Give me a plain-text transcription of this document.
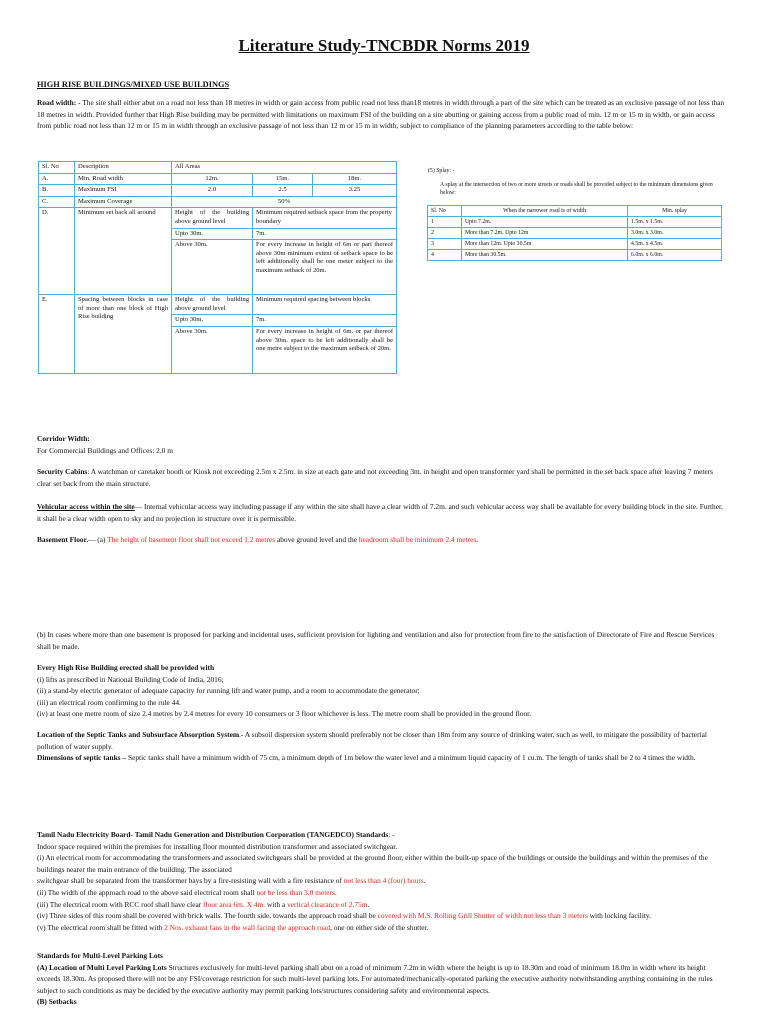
Literature Study-TNCBDR Norms 2019
HIGH RISE BUILDINGS/MIXED USE BUILDINGS
Road width: - The site shall either abut on a road not less than 18 metres in width or gain access from public road not less than18 metres in width through a part of the site which can be treated as an exclusive passage of not less than 18 metres in width. Provided further that High Rise building may be permitted with limitations on maximum FSI of the building on a site abutting or gaining access from a public road of min. 12 m or 15 m in width, or gain access from public road not less than 12 m or 15 m in width through an exclusive passage of not less than 12 m or 15 m in width, subject to compliance of the planning parameters according to the table below:
Sl. No	Description	All Areas		
A.	Min. Road width	12m.	15m.	18m.
B.	Maximum FSI	2.0	2.5	3.25
C.	Maximum Coverage	50%		
D.	Minimum set back all around	Height of the building above ground level	Minimum required setback space from the property boundary	
		Upto 30m.	7m.	
		Above 30m.	For every increase in height of 6m or part thereof above 30m minimum extent of setback space to be left additionally shall be one meter subject to the maximum setback of 20m.	
E.	Spacing between blocks in case of more than one block of High Rise building	Height of the building above ground level	Minimum required spacing between blocks	
		Upto 30m.	7m.	
		Above 30m.	For every increase in height of 6m. or par thereof above 30m. space to be left additionally shall be one metre subject to the maximum setback of 20m.	
(5) Splay: -
A splay at the intersection of two or more streets or roads shall be provided subject to the minimum dimensions given below:
Sl. No	When the narrower road is of width	Min. splay
1	Upto 7.2m.	1.5m. x 1.5m.
2	More than 7.2m. Upto 12m	3.0m. x 3.0m.
3	More than 12m. Upto 30.5m	4.5m. x 4.5m.
4	More than 30.5m.	6.0m. x 6.0m.
Corridor Width:
For Commercial Buildings and Offices: 2.0 m
Security Cabins: A watchman or caretaker booth or Kiosk not exceeding 2.5m x 2.5m. in size at each gate and not exceeding 3m. in height and open transformer yard shall be permitted in the set back space after leaving 7 meters clear set back from the main structure.
Vehicular access within the site— Internal vehicular access way including passage if any within the site shall have a clear width of 7.2m. and such vehicular access way shall be available for every building block in the site. Further, it shall be a clear width open to sky and no projection in structure over it is permissible.
Basement Floor.— (a) The height of basement floor shall not exceed 1.2 metres above ground level and the headroom shall be minimum 2.4 metres.
(b) In cases where more than one basement is proposed for parking and incidental uses, sufficient provision for lighting and ventilation and also for protection from fire to the satisfaction of Directorate of Fire and Rescue Services shall be made.
Every High Rise Building erected shall be provided with
(i) lifts as prescribed in National Building Code of India, 2016;
(ii) a stand-by electric generator of adequate capacity for running lift and water pump, and a room to accommodate the generator;
(iii) an electrical room confirming to the rule 44.
(iv) at least one metre room of size 2.4 metres by 2.4 metres for every 10 consumers or 3 floor whichever is less. The metre room shall be provided in the ground floor.
Location of the Septic Tanks and Subsurface Absorption System.- A subsoil dispersion system should preferably not be closer than 18m from any source of drinking water, such as well, to mitigate the possibility of bacterial pollution of water supply.
Dimensions of septic tanks – Septic tanks shall have a minimum width of 75 cm, a minimum depth of 1m below the water level and a minimum liquid capacity of 1 cu.m. The length of tanks shall be 2 to 4 times the width.
Tamil Nadu Electricity Board- Tamil Nadu Generation and Distribution Corporation (TANGEDCO) Standards: -
Indoor space required within the premises for installing floor mounted distribution transformer and associated switchgear.
(i) An electrical room for accommodating the transformers and associated switchgears shall be provided at the ground floor, either within the built-up space of the buildings or outside the buildings and within the premises of the buildings nearer the main entrance of the building. The associated
switchgear shall be separated from the transformer bays by a fire-resisting wall with a fire resistance of not less than 4 (four) hours.
(ii) The width of the approach road to the above said electrical room shall not be less than 3.0 meters.
(iii) The electrical room with RCC roof shall have clear floor area 6m. X 4m. with a vertical clearance of 2.75m.
(iv) Three sides of this room shall be covered with brick walls. The fourth side, towards the approach road shall be covered with M.S. Rolling Grill Shutter of width not less than 3 meters with locking facility.
(v) The electrical room shall be fitted with 2 Nos. exhaust fans in the wall facing the approach road, one on either side of the shutter.
Standards for Multi-Level Parking Lots
(A) Location of Multi Level Parking Lots Structures exclusively for multi-level parking shall abut on a road of minimum 7.2m in width where the height is up to 18.30m and road of minimum 18.0m in width where its height exceeds 18.30m. As proposed there will not be any FSI/coverage restriction for such multi-level parking lots. For automated/mechanically-operated parking the executive authority notwithstanding anything containing in the rules subject to such conditions as may be decided by the executive authority may permit parking lots/structures considering safety and environmental aspects.
(B) Setbacks
